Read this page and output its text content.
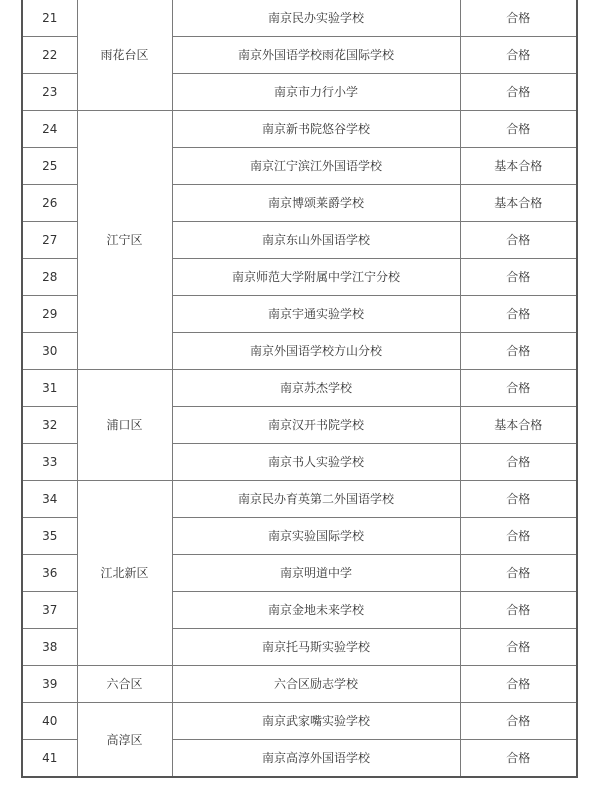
21	雨花台区	南京民办实验学校	合格
22		南京外国语学校雨花国际学校	合格
23		南京市力行小学	合格
24	江宁区	南京新书院悠谷学校	合格
25		南京江宁滨江外国语学校	基本合格
26		南京博颂莱爵学校	基本合格
27		南京东山外国语学校	合格
28		南京师范大学附属中学江宁分校	合格
29		南京宇通实验学校	合格
30		南京外国语学校方山分校	合格
31	浦口区	南京苏杰学校	合格
32		南京汉开书院学校	基本合格
33		南京书人实验学校	合格
34	江北新区	南京民办育英第二外国语学校	合格
35		南京实验国际学校	合格
36		南京明道中学	合格
37		南京金地未来学校	合格
38		南京托马斯实验学校	合格
39	六合区	六合区励志学校	合格
40	高淳区	南京武家嘴实验学校	合格
41		南京高淳外国语学校	合格
